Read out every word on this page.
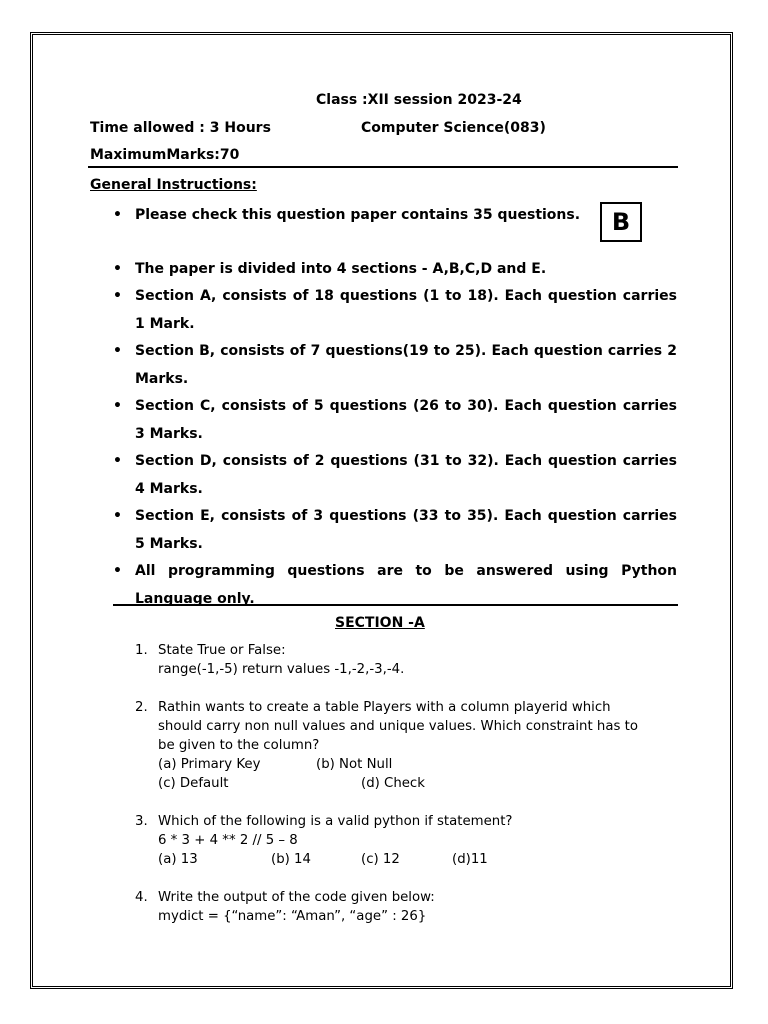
Class :XII session 2023-24
Time allowed : 3 Hours	Computer Science(083)
MaximumMarks:70
General Instructions:
• Please check this question paper contains 35 questions.
• The paper is divided into 4 sections - A,B,C,D and E.
• Section A, consists of 18 questions (1 to 18). Each question carries 1 Mark.
• Section B, consists of 7 questions(19 to 25). Each question carries 2 Marks.
• Section C, consists of 5 questions (26 to 30). Each question carries 3 Marks.
• Section D, consists of 2 questions (31 to 32). Each question carries 4 Marks.
• Section E, consists of 3 questions (33 to 35). Each question carries 5 Marks.
• All programming questions are to be answered using Python Language only.
B
SECTION -A
1. State True or False:
range(-1,-5) return values -1,-2,-3,-4.
2. Rathin wants to create a table Players with a column playerid which
should carry non null values and unique values. Which constraint has to
be given to the column?
(a) Primary Key	(b) Not Null
(c) Default	(d) Check
3. Which of the following is a valid python if statement?
6 * 3 + 4 ** 2 // 5 – 8
(a) 13	(b) 14	(c) 12	(d)11
4. Write the output of the code given below:
mydict = {“name”: “Aman”, “age” : 26}
